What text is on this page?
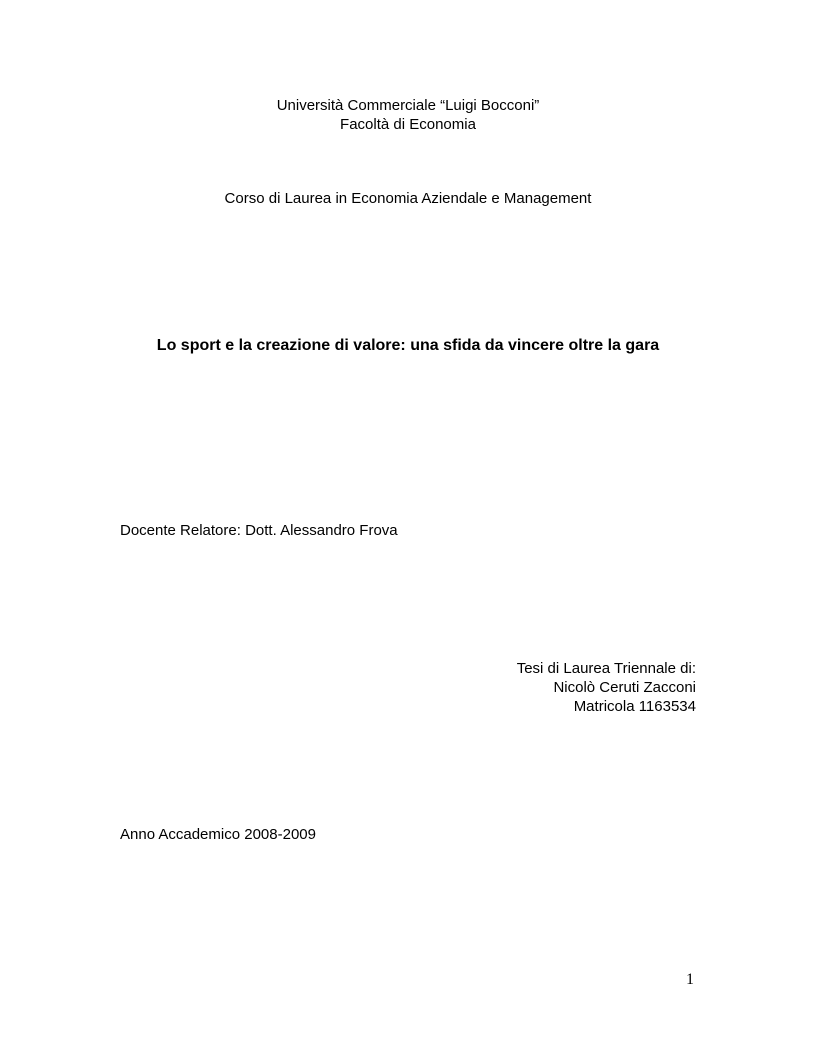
Università Commerciale “Luigi Bocconi”
Facoltà di Economia
Corso di Laurea in Economia Aziendale e Management
Lo sport e la creazione di valore: una sfida da vincere oltre la gara
Docente Relatore: Dott. Alessandro Frova
Tesi di Laurea Triennale di:
Nicolò Ceruti Zacconi
Matricola 1163534
Anno Accademico 2008-2009
1
